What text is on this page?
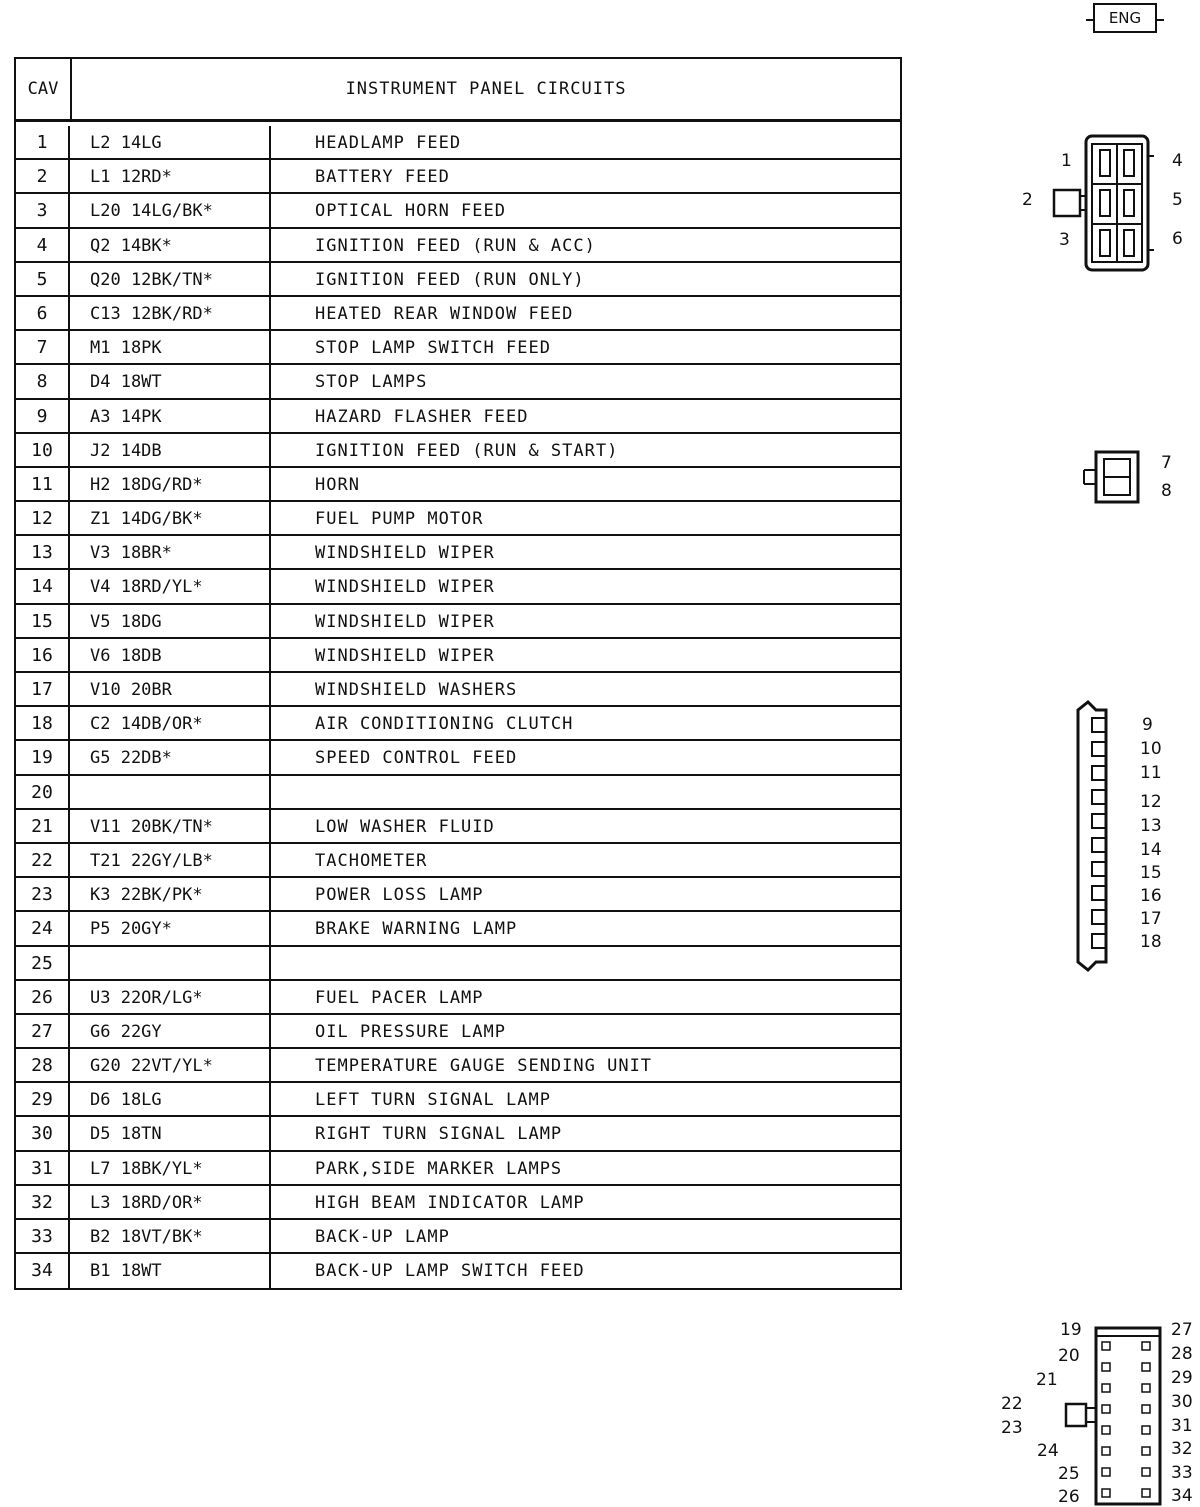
ENG
CAV	INSTRUMENT PANEL CIRCUITS
1	L2 14LG	HEADLAMP FEED
2	L1 12RD*	BATTERY FEED
3	L20 14LG/BK*	OPTICAL HORN FEED
4	Q2 14BK*	IGNITION FEED (RUN & ACC)
5	Q20 12BK/TN*	IGNITION FEED (RUN ONLY)
6	C13 12BK/RD*	HEATED REAR WINDOW FEED
7	M1 18PK	STOP LAMP SWITCH FEED
8	D4 18WT	STOP LAMPS
9	A3 14PK	HAZARD FLASHER FEED
10	J2 14DB	IGNITION FEED (RUN & START)
11	H2 18DG/RD*	HORN
12	Z1 14DG/BK*	FUEL PUMP MOTOR
13	V3 18BR*	WINDSHIELD WIPER
14	V4 18RD/YL*	WINDSHIELD WIPER
15	V5 18DG	WINDSHIELD WIPER
16	V6 18DB	WINDSHIELD WIPER
17	V10 20BR	WINDSHIELD WASHERS
18	C2 14DB/OR*	AIR CONDITIONING CLUTCH
19	G5 22DB*	SPEED CONTROL FEED
20
21	V11 20BK/TN*	LOW WASHER FLUID
22	T21 22GY/LB*	TACHOMETER
23	K3 22BK/PK*	POWER LOSS LAMP
24	P5 20GY*	BRAKE WARNING LAMP
25
26	U3 22OR/LG*	FUEL PACER LAMP
27	G6 22GY	OIL PRESSURE LAMP
28	G20 22VT/YL*	TEMPERATURE GAUGE SENDING UNIT
29	D6 18LG	LEFT TURN SIGNAL LAMP
30	D5 18TN	RIGHT TURN SIGNAL LAMP
31	L7 18BK/YL*	PARK,SIDE MARKER LAMPS
32	L3 18RD/OR*	HIGH BEAM INDICATOR LAMP
33	B2 18VT/BK*	BACK-UP LAMP
34	B1 18WT	BACK-UP LAMP SWITCH FEED
1
2
3
4
5
6
7
8
9
10
11
12
13
14
15
16
17
18
19
20
21
22
23
24
25
26
27
28
29
30
31
32
33
34
